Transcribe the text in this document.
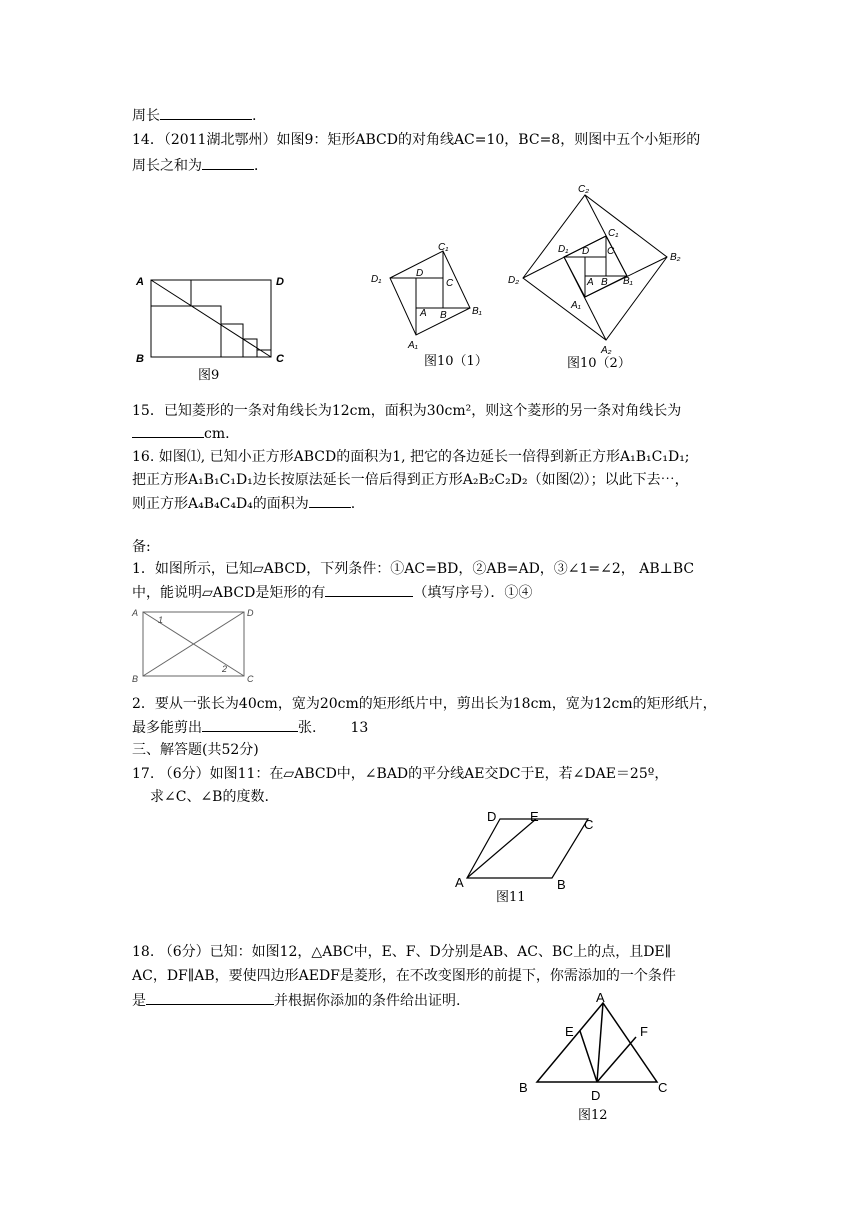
周长	.
14．（2011湖北鄂州）如图9：矩形ABCD的对角线AC=10，BC=8，则图中五个小矩形的
周长之和为	．
15．已知菱形的一条对角线长为12cm，面积为30cm²，则这个菱形的另一条对角线长为
cm.
16. 如图⑴, 已知小正方形ABCD的面积为1, 把它的各边延长一倍得到新正方形A₁B₁C₁D₁;
把正方形A₁B₁C₁D₁边长按原法延长一倍后得到正方形A₂B₂C₂D₂（如图⑵）；以此下去⋯，
则正方形A₄B₄C₄D₄的面积为	.
备:
1．如图所示，已知▱ABCD，下列条件：①AC=BD，②AB=AD，③∠1=∠2， AB⊥BC
中，能说明▱ABCD是矩形的有	（填写序号）．①④
2．要从一张长为40cm，宽为20cm的矩形纸片中，剪出长为18cm，宽为12cm的矩形纸片，
最多能剪出	张. 13
三、解答题(共52分)
17. （6分）如图11：在▱ABCD中，∠BAD的平分线AE交DC于E，若∠DAE＝25º，
求∠C、∠B的度数.
18. （6分）已知：如图12，△ABC中，E、F、D分别是AB、AC、BC上的点，且DE∥
AC，DF∥AB，要使四边形AEDF是菱形，在不改变图形的前提下，你需添加的一个条件
是	并根据你添加的条件给出证明.
A	D
B	C
图9
D₁
C₁
D
C
A B	B₁
A₁
图10（1）
C₂
B₂
D₂
A₂
D₁
C₁
B₁
A₁
D C
A B
图10（2）
A	D
B	C
1
2
D	E
C
A	B
图11
A
E	F
B	C
D
图12
